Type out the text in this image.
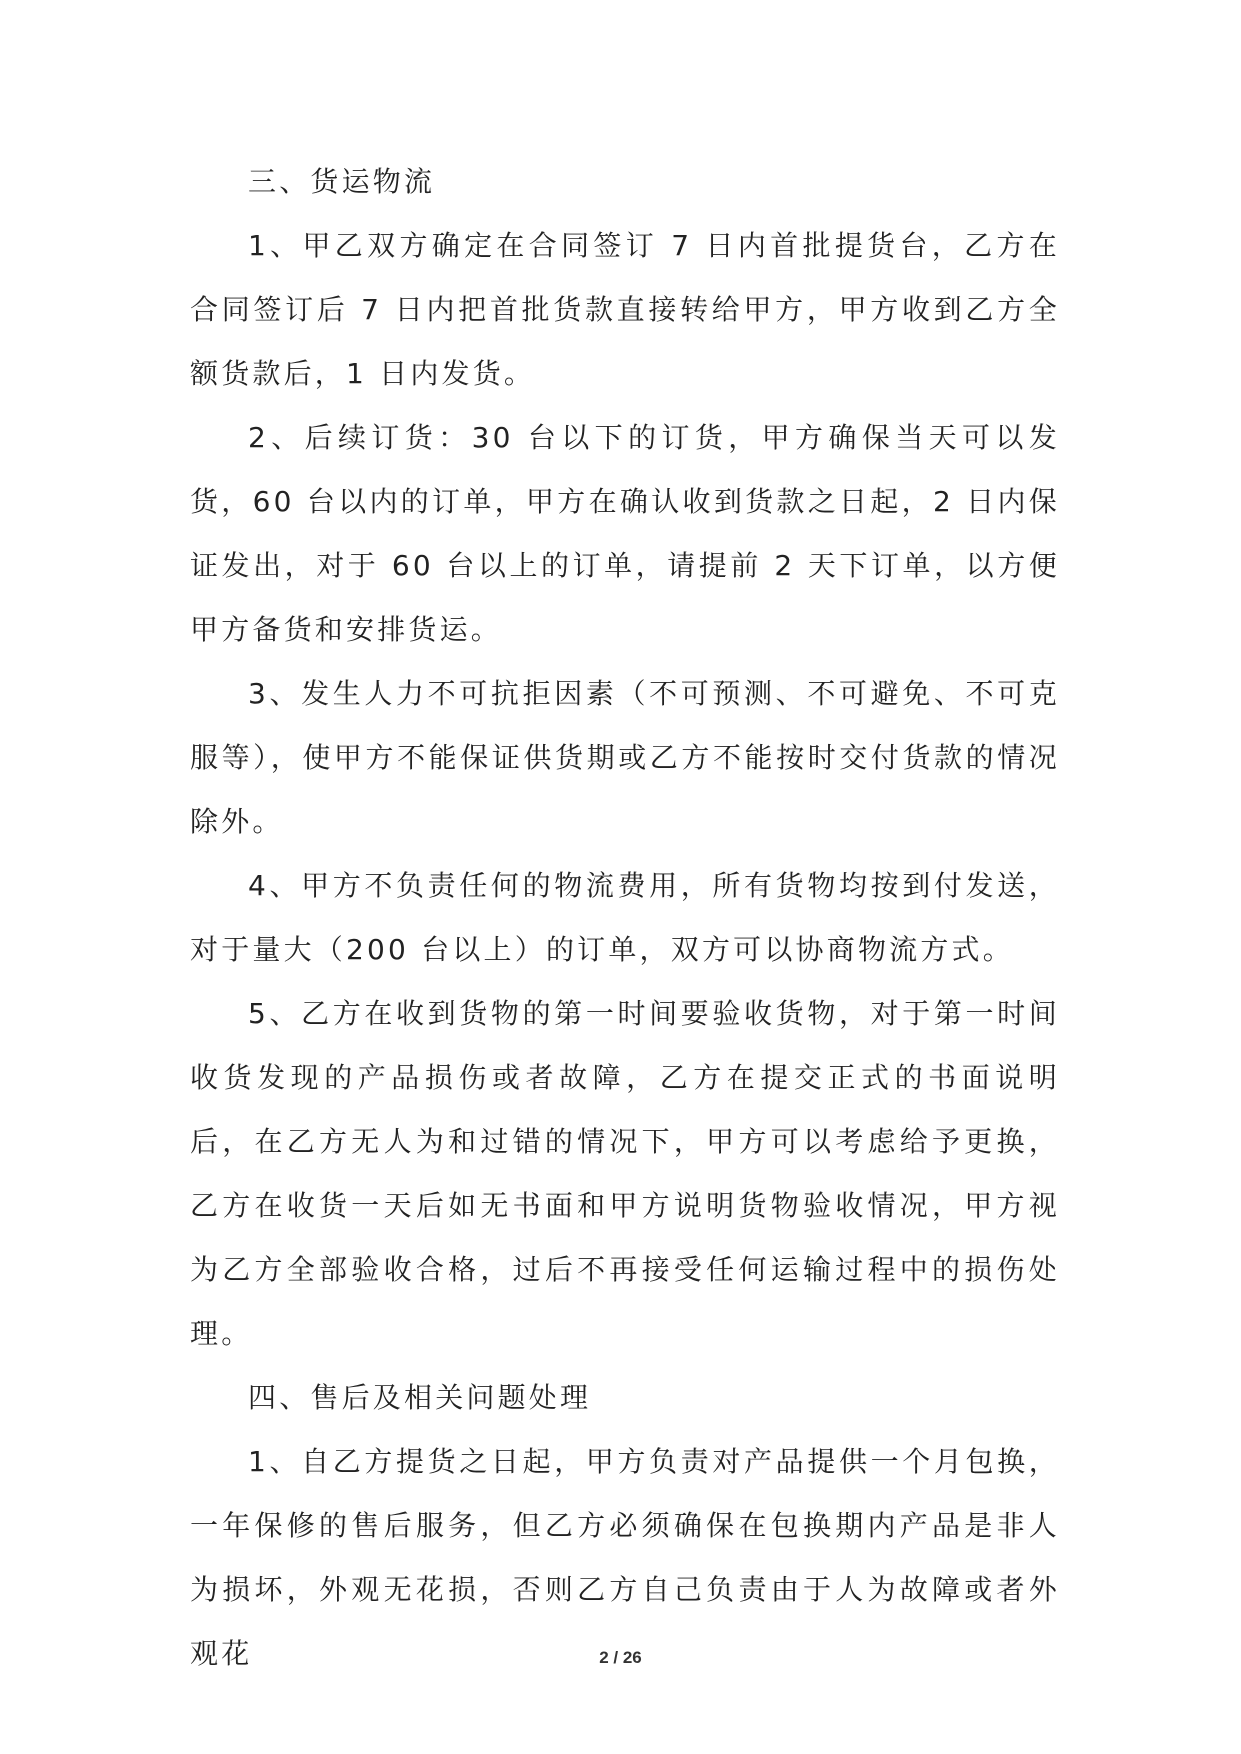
三、货运物流

1、甲乙双方确定在合同签订 7 日内首批提货台，乙方在合同签订后 7 日内把首批货款直接转给甲方，甲方收到乙方全额货款后，1 日内发货。

2、后续订货：30 台以下的订货，甲方确保当天可以发货，60 台以内的订单，甲方在确认收到货款之日起，2 日内保证发出，对于 60 台以上的订单，请提前 2 天下订单，以方便甲方备货和安排货运。

3、发生人力不可抗拒因素（不可预测、不可避免、不可克服等），使甲方不能保证供货期或乙方不能按时交付货款的情况除外。

4、甲方不负责任何的物流费用，所有货物均按到付发送，对于量大（200 台以上）的订单，双方可以协商物流方式。

5、乙方在收到货物的第一时间要验收货物，对于第一时间收货发现的产品损伤或者故障，乙方在提交正式的书面说明后，在乙方无人为和过错的情况下，甲方可以考虑给予更换，乙方在收货一天后如无书面和甲方说明货物验收情况，甲方视为乙方全部验收合格，过后不再接受任何运输过程中的损伤处理。

四、售后及相关问题处理

1、自乙方提货之日起，甲方负责对产品提供一个月包换，一年保修的售后服务，但乙方必须确保在包换期内产品是非人为损坏，外观无花损，否则乙方自己负责由于人为故障或者外观花	2 / 26
